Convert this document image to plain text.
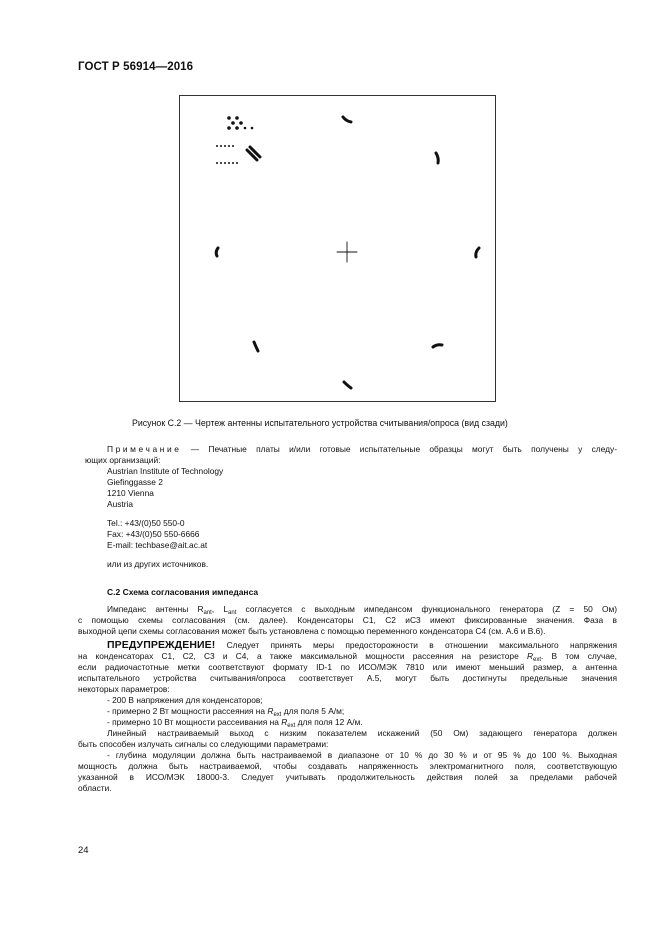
ГОСТ Р 56914—2016
Рисунок С.2 — Чертеж антенны испытательного устройства считывания/опроса (вид сзади)
Примечание — Печатные платы и/или готовые испытательные образцы могут быть получены у следу-
ющих организаций:
Austrian Institute of Technology
Giefinggasse 2
1210 Vienna
Austria
Tel.: +43/(0)50 550-0
Fax: +43/(0)50 550-6666
E-mail: techbase@ait.ac.at
или из других источников.
С.2 Схема согласования импеданса
Импеданс антенны $R_{ant}$, $L_{ant}$ согласуется с выходным импедансом функционального генератора (Z = 50 Ом)
с помощью схемы согласования (см. далее). Конденсаторы С1, С2 иС3 имеют фиксированные значения. Фаза в
выходной цепи схемы согласования может быть установлена с помощью переменного конденсатора С4 (см. А.6 и В.6).
ПРЕДУПРЕЖДЕНИЕ! Следует принять меры предосторожности в отношении максимального напряжения
на конденсаторах С1, С2, С3 и С4, а также максимальной мощности рассеяния на резисторе $R_{ext}$. В том случае,
если радиочастотные метки соответствуют формату ID-1 по ИСО/МЭК 7810 или имеют меньший размер, а антенна
испытательного устройства считывания/опроса соответствует А.5, могут быть достигнуты предельные значения
некоторых параметров:
- 200 В напряжения для конденсаторов;
- примерно 2 Вт мощности рассеяния на $R_{ext}$ для поля 5 А/м;
- примерно 10 Вт мощности рассеивания на $R_{ext}$ для поля 12 А/м.
Линейный настраиваемый выход с низким показателем искажений (50 Ом) задающего генератора должен
быть способен излучать сигналы со следующими параметрами:
- глубина модуляции должна быть настраиваемой в диапазоне от 10 % до 30 % и от 95 % до 100 %. Выходная
мощность должна быть настраиваемой, чтобы создавать напряженность электромагнитного поля, соответствующую
указанной в ИСО/МЭК 18000-3. Следует учитывать продолжительность действия полей за пределами рабочей
области.
24
